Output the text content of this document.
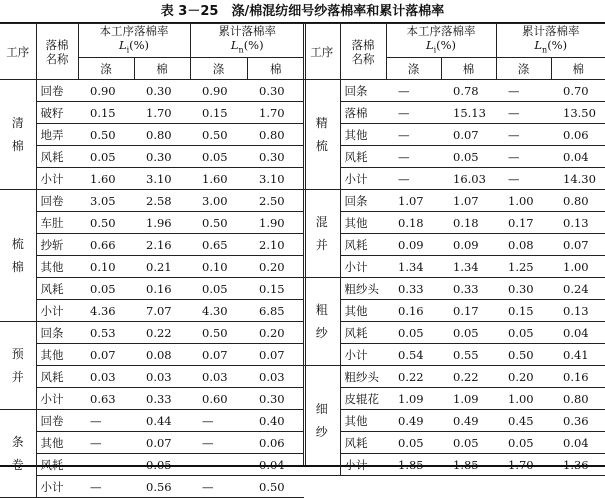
表 3－25　涤/棉混纺细号纱落棉率和累计落棉率
工序	落棉
名称	本工序落棉率
$L_i(\%)$		累计落棉率
$L_n(\%)$	
		涤	棉	涤	棉
清
棉	回卷	0.90	0.30	0.90	0.30
	破籽	0.15	1.70	0.15	1.70
	地弄	0.50	0.80	0.50	0.80
	风耗	0.05	0.30	0.05	0.30
	小计	1.60	3.10	1.60	3.10
梳
棉	回卷	3.05	2.58	3.00	2.50
	车肚	0.50	1.96	0.50	1.90
	抄斩	0.66	2.16	0.65	2.10
	其他	0.10	0.21	0.10	0.20
	风耗	0.05	0.16	0.05	0.15
	小计	4.36	7.07	4.30	6.85
预
并	回条	0.53	0.22	0.50	0.20
	其他	0.07	0.08	0.07	0.07
	风耗	0.03	0.03	0.03	0.03
	小计	0.63	0.33	0.60	0.30
条
卷	回卷	—	0.44	—	0.40
	其他	—	0.07	—	0.06
	风耗	—	0.05	—	0.04
	小计	—	0.56	—	0.50
工序	落棉
名称	本工序落棉率
$L_i(\%)$		累计落棉率
$L_n(\%)$	
		涤	棉	涤	棉
精
梳	回条	—	0.78	—	0.70
	落棉	—	15.13	—	13.50
	其他	—	0.07	—	0.06
	风耗	—	0.05	—	0.04
	小计	—	16.03	—	14.30
混
并	回条	1.07	1.07	1.00	0.80
	其他	0.18	0.18	0.17	0.13
	风耗	0.09	0.09	0.08	0.07
	小计	1.34	1.34	1.25	1.00
粗
纱	粗纱头	0.33	0.33	0.30	0.24
	其他	0.16	0.17	0.15	0.13
	风耗	0.05	0.05	0.05	0.04
	小计	0.54	0.55	0.50	0.41
细
纱	粗纱头	0.22	0.22	0.20	0.16
	皮辊花	1.09	1.09	1.00	0.80
	其他	0.49	0.49	0.45	0.36
	风耗	0.05	0.05	0.05	0.04
	小计	1.85	1.85	1.70	1.36
